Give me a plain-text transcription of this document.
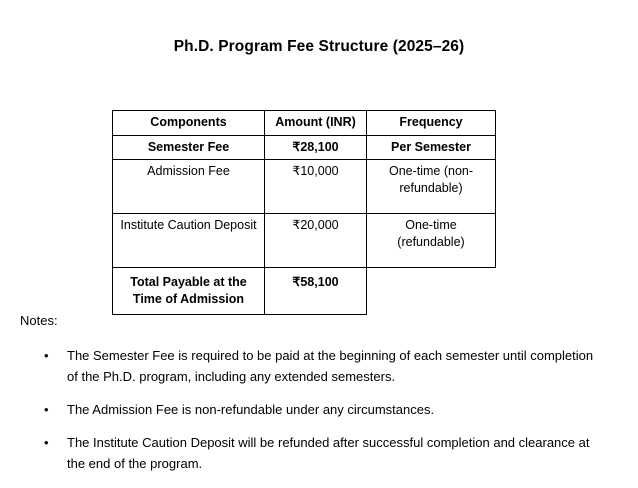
Ph.D. Program Fee Structure (2025–26)
Components	Amount (INR)	Frequency
Semester Fee	₹28,100	Per Semester
Admission Fee	₹10,000	One-time (non-refundable)
Institute Caution Deposit	₹20,000	One-time (refundable)
Total Payable at the Time of Admission	₹58,100	
Notes:
• The Semester Fee is required to be paid at the beginning of each semester until completion of the Ph.D. program, including any extended semesters.
• The Admission Fee is non-refundable under any circumstances.
• The Institute Caution Deposit will be refunded after successful completion and clearance at the end of the program.
